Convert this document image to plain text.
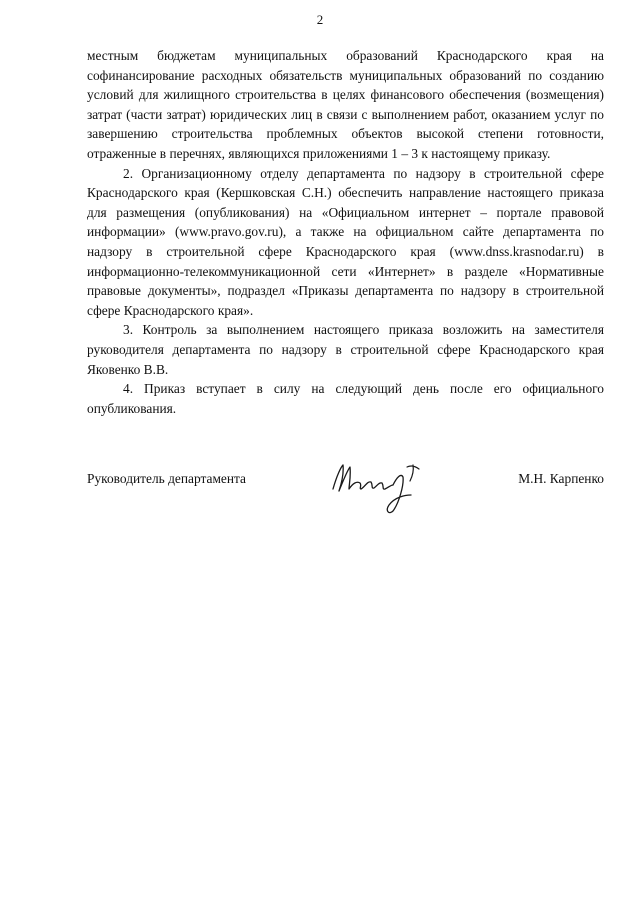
2

местным бюджетам муниципальных образований Краснодарского края на софинансирование расходных обязательств муниципальных образований по созданию условий для жилищного строительства в целях финансового обеспечения (возмещения) затрат (части затрат) юридических лиц в связи с выполнением работ, оказанием услуг по завершению строительства проблемных объектов высокой степени готовности, отраженные в перечнях, являющихся приложениями 1 – 3 к настоящему приказу.

2. Организационному отделу департамента по надзору в строительной сфере Краснодарского края (Кершковская С.Н.) обеспечить направление настоящего приказа для размещения (опубликования) на «Официальном интернет – портале правовой информации» (www.pravo.gov.ru), а также на официальном сайте департамента по надзору в строительной сфере Краснодарского края (www.dnss.krasnodar.ru) в информационно-телекоммуникационной сети «Интернет» в разделе «Нормативные правовые документы», подраздел «Приказы департамента по надзору в строительной сфере Краснодарского края».

3. Контроль за выполнением настоящего приказа возложить на заместителя руководителя департамента по надзору в строительной сфере Краснодарского края Яковенко В.В.

4. Приказ вступает в силу на следующий день после его официального опубликования.

Руководитель департамента	М.Н. Карпенко
